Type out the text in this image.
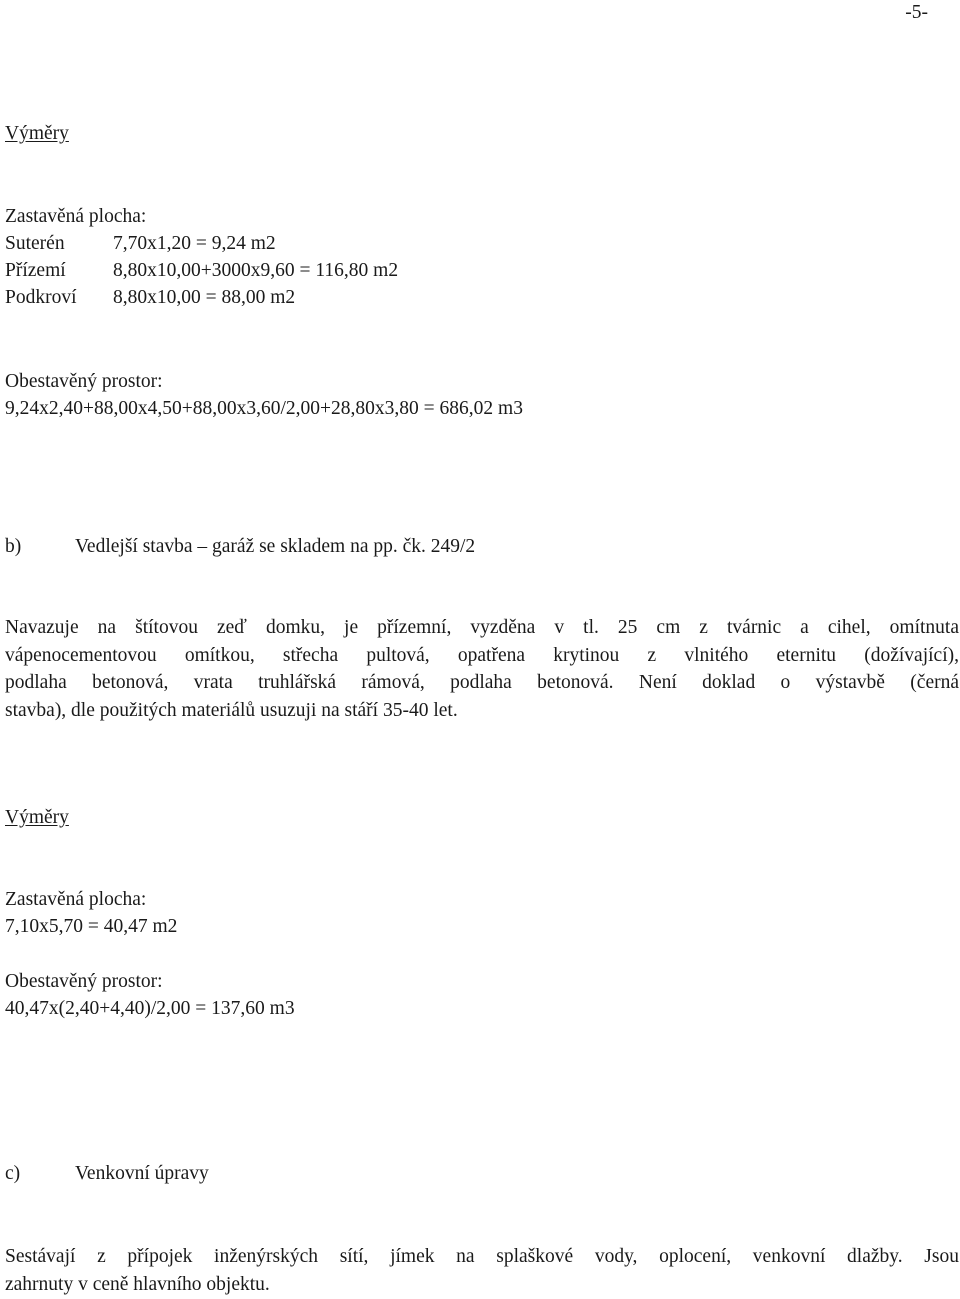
-5-
Výměry
Zastavěná plocha:
Suterén 7,70x1,20 = 9,24 m2
Přízemí 8,80x10,00+3000x9,60 = 116,80 m2
Podkroví 8,80x10,00 = 88,00 m2
Obestavěný prostor:
9,24x2,40+88,00x4,50+88,00x3,60/2,00+28,80x3,80 = 686,02 m3
b)	Vedlejší stavba – garáž se skladem na pp. čk. 249/2
Navazuje na štítovou zeď domku, je přízemní, vyzděna v tl. 25 cm z tvárnic a cihel, omítnuta
vápenocementovou omítkou, střecha pultová, opatřena krytinou z vlnitého eternitu (dožívající),
podlaha betonová, vrata truhlářská rámová, podlaha betonová. Není doklad o výstavbě (černá
stavba), dle použitých materiálů usuzuji na stáří 35-40 let.
Výměry
Zastavěná plocha:
7,10x5,70 = 40,47 m2
Obestavěný prostor:
40,47x(2,40+4,40)/2,00 = 137,60 m3
c)	Venkovní úpravy
Sestávají z přípojek inženýrských sítí, jímek na splaškové vody, oplocení, venkovní dlažby. Jsou
zahrnuty v ceně hlavního objektu.
